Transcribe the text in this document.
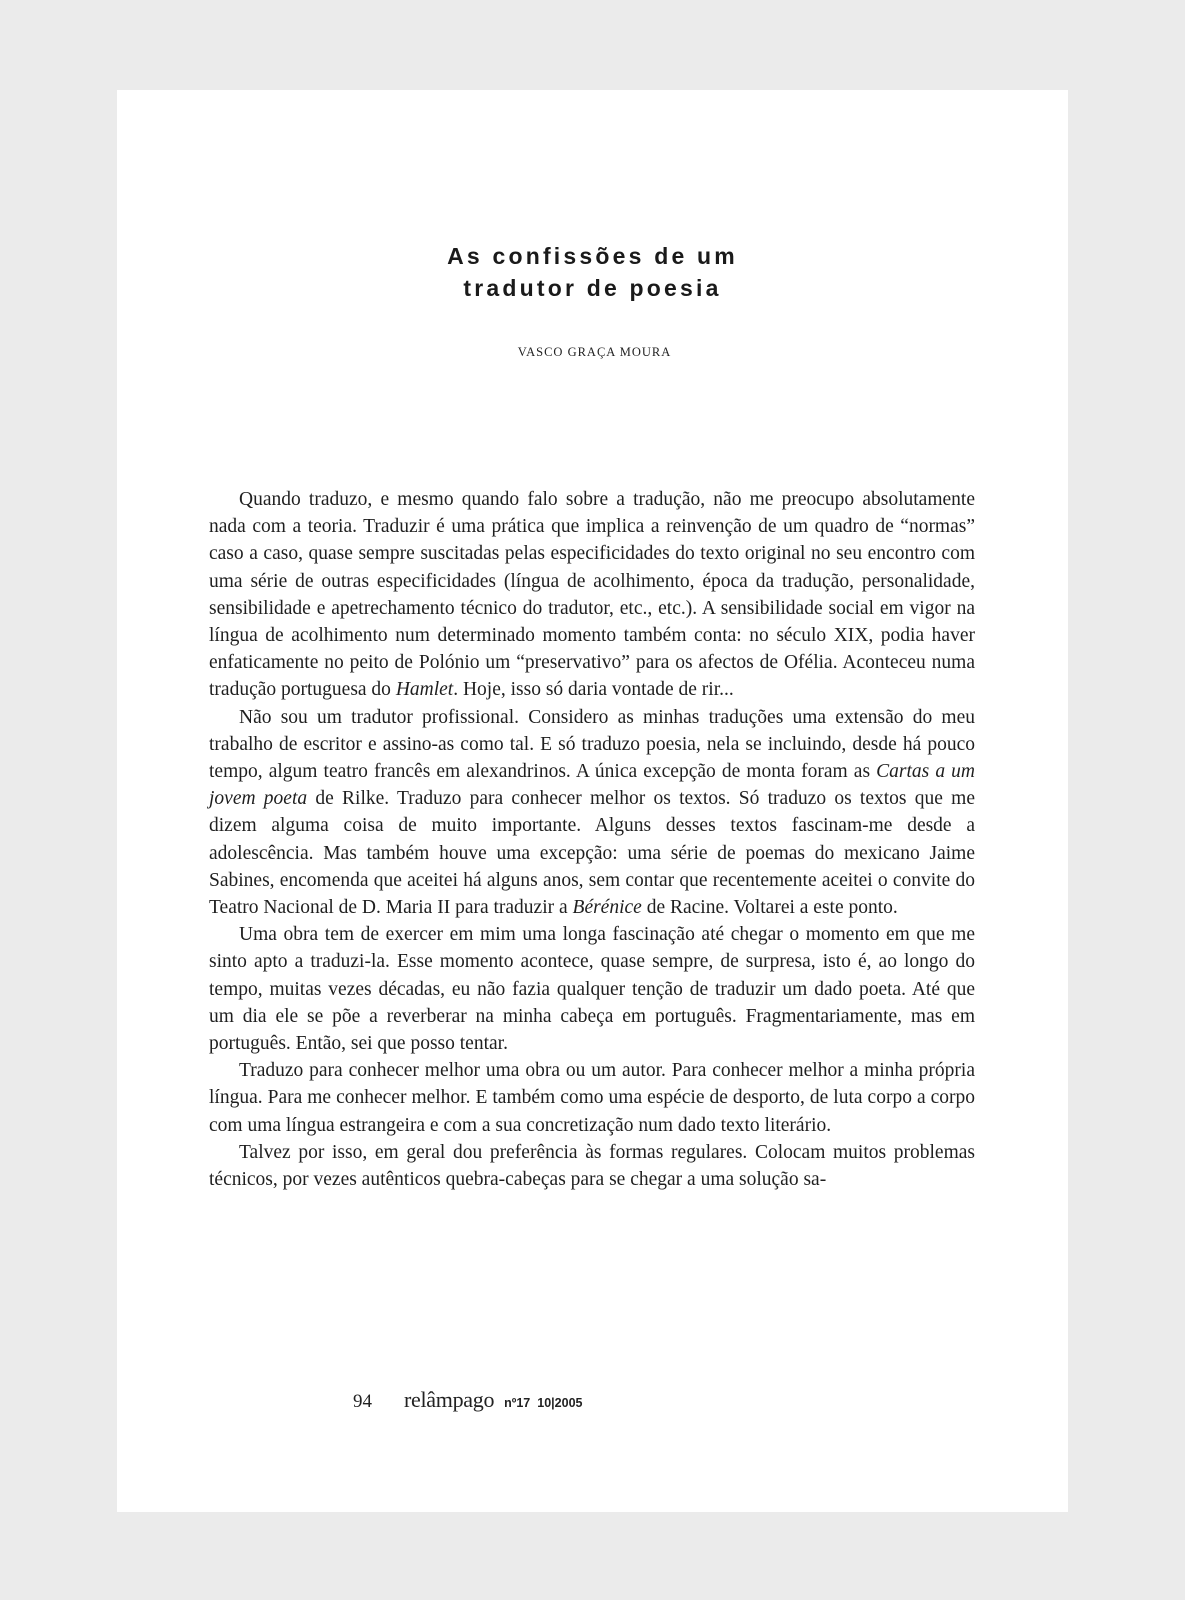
As confissões de um
tradutor de poesia
VASCO GRAÇA MOURA

Quando traduzo, e mesmo quando falo sobre a tradução, não me preocupo absolutamente nada com a teoria. Traduzir é uma prática que implica a reinvenção de um quadro de “normas” caso a caso, quase sempre suscitadas pelas especificidades do texto original no seu encontro com uma série de outras especificidades (língua de acolhimento, época da tradução, personalidade, sensibilidade e apetrechamento técnico do tradutor, etc., etc.). A sensibilidade social em vigor na língua de acolhimento num determinado momento também conta: no século XIX, podia haver enfaticamente no peito de Polónio um “preservativo” para os afectos de Ofélia. Aconteceu numa tradução portuguesa do Hamlet. Hoje, isso só daria vontade de rir...

Não sou um tradutor profissional. Considero as minhas traduções uma extensão do meu trabalho de escritor e assino-as como tal. E só traduzo poesia, nela se incluindo, desde há pouco tempo, algum teatro francês em alexandrinos. A única excepção de monta foram as Cartas a um jovem poeta de Rilke. Traduzo para conhecer melhor os textos. Só traduzo os textos que me dizem alguma coisa de muito importante. Alguns desses textos fascinam-me desde a adolescência. Mas também houve uma excepção: uma série de poemas do mexicano Jaime Sabines, encomenda que aceitei há alguns anos, sem contar que recentemente aceitei o convite do Teatro Nacional de D. Maria II para traduzir a Bérénice de Racine. Voltarei a este ponto.

Uma obra tem de exercer em mim uma longa fascinação até chegar o momento em que me sinto apto a traduzi-la. Esse momento acontece, quase sempre, de surpresa, isto é, ao longo do tempo, muitas vezes décadas, eu não fazia qualquer tenção de traduzir um dado poeta. Até que um dia ele se põe a reverberar na minha cabeça em português. Fragmentariamente, mas em português. Então, sei que posso tentar.

Traduzo para conhecer melhor uma obra ou um autor. Para conhecer melhor a minha própria língua. Para me conhecer melhor. E também como uma espécie de desporto, de luta corpo a corpo com uma língua estrangeira e com a sua concretização num dado texto literário.

Talvez por isso, em geral dou preferência às formas regulares. Colocam muitos problemas técnicos, por vezes autênticos quebra-cabeças para se chegar a uma solução sa-

94 relâmpago nº17 10|2005
